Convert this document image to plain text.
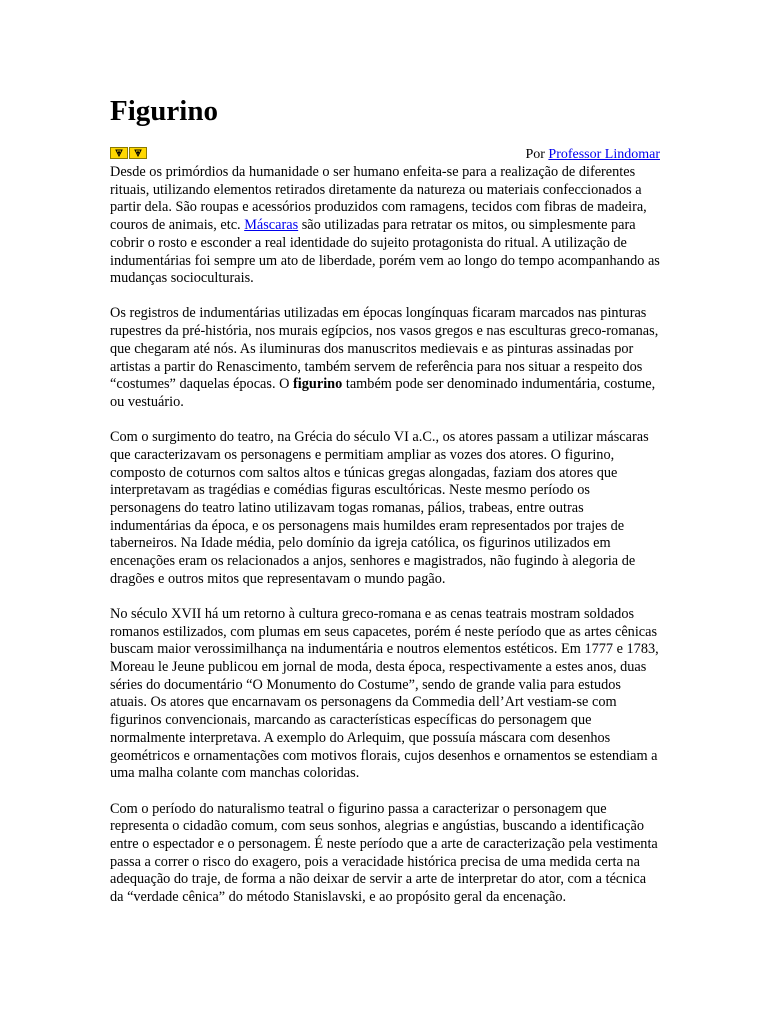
Figurino
Por Professor Lindomar

Desde os primórdios da humanidade o ser humano enfeita-se para a realização de diferentes rituais, utilizando elementos retirados diretamente da natureza ou materiais confeccionados a partir dela. São roupas e acessórios produzidos com ramagens, tecidos com fibras de madeira, couros de animais, etc. Máscaras são utilizadas para retratar os mitos, ou simplesmente para cobrir o rosto e esconder a real identidade do sujeito protagonista do ritual. A utilização de indumentárias foi sempre um ato de liberdade, porém vem ao longo do tempo acompanhando as mudanças socioculturais.

Os registros de indumentárias utilizadas em épocas longínquas ficaram marcados nas pinturas rupestres da pré-história, nos murais egípcios, nos vasos gregos e nas esculturas greco-romanas, que chegaram até nós. As iluminuras dos manuscritos medievais e as pinturas assinadas por artistas a partir do Renascimento, também servem de referência para nos situar a respeito dos “costumes” daquelas épocas. O figurino também pode ser denominado indumentária, costume, ou vestuário.

Com o surgimento do teatro, na Grécia do século VI a.C., os atores passam a utilizar máscaras que caracterizavam os personagens e permitiam ampliar as vozes dos atores. O figurino, composto de coturnos com saltos altos e túnicas gregas alongadas, faziam dos atores que interpretavam as tragédias e comédias figuras escultóricas. Neste mesmo período os personagens do teatro latino utilizavam togas romanas, pálios, trabeas, entre outras indumentárias da época, e os personagens mais humildes eram representados por trajes de taberneiros. Na Idade média, pelo domínio da igreja católica, os figurinos utilizados em encenações eram os relacionados a anjos, senhores e magistrados, não fugindo à alegoria de dragões e outros mitos que representavam o mundo pagão.

No século XVII há um retorno à cultura greco-romana e as cenas teatrais mostram soldados romanos estilizados, com plumas em seus capacetes, porém é neste período que as artes cênicas buscam maior verossimilhança na indumentária e noutros elementos estéticos. Em 1777 e 1783, Moreau le Jeune publicou em jornal de moda, desta época, respectivamente a estes anos, duas séries do documentário “O Monumento do Costume”, sendo de grande valia para estudos atuais. Os atores que encarnavam os personagens da Commedia dell’Art vestiam-se com figurinos convencionais, marcando as características específicas do personagem que normalmente interpretava. A exemplo do Arlequim, que possuía máscara com desenhos geométricos e ornamentações com motivos florais, cujos desenhos e ornamentos se estendiam a uma malha colante com manchas coloridas.

Com o período do naturalismo teatral o figurino passa a caracterizar o personagem que representa o cidadão comum, com seus sonhos, alegrias e angústias, buscando a identificação entre o espectador e o personagem. É neste período que a arte de caracterização pela vestimenta passa a correr o risco do exagero, pois a veracidade histórica precisa de uma medida certa na adequação do traje, de forma a não deixar de servir a arte de interpretar do ator, com a técnica da “verdade cênica” do método Stanislavski, e ao propósito geral da encenação.
